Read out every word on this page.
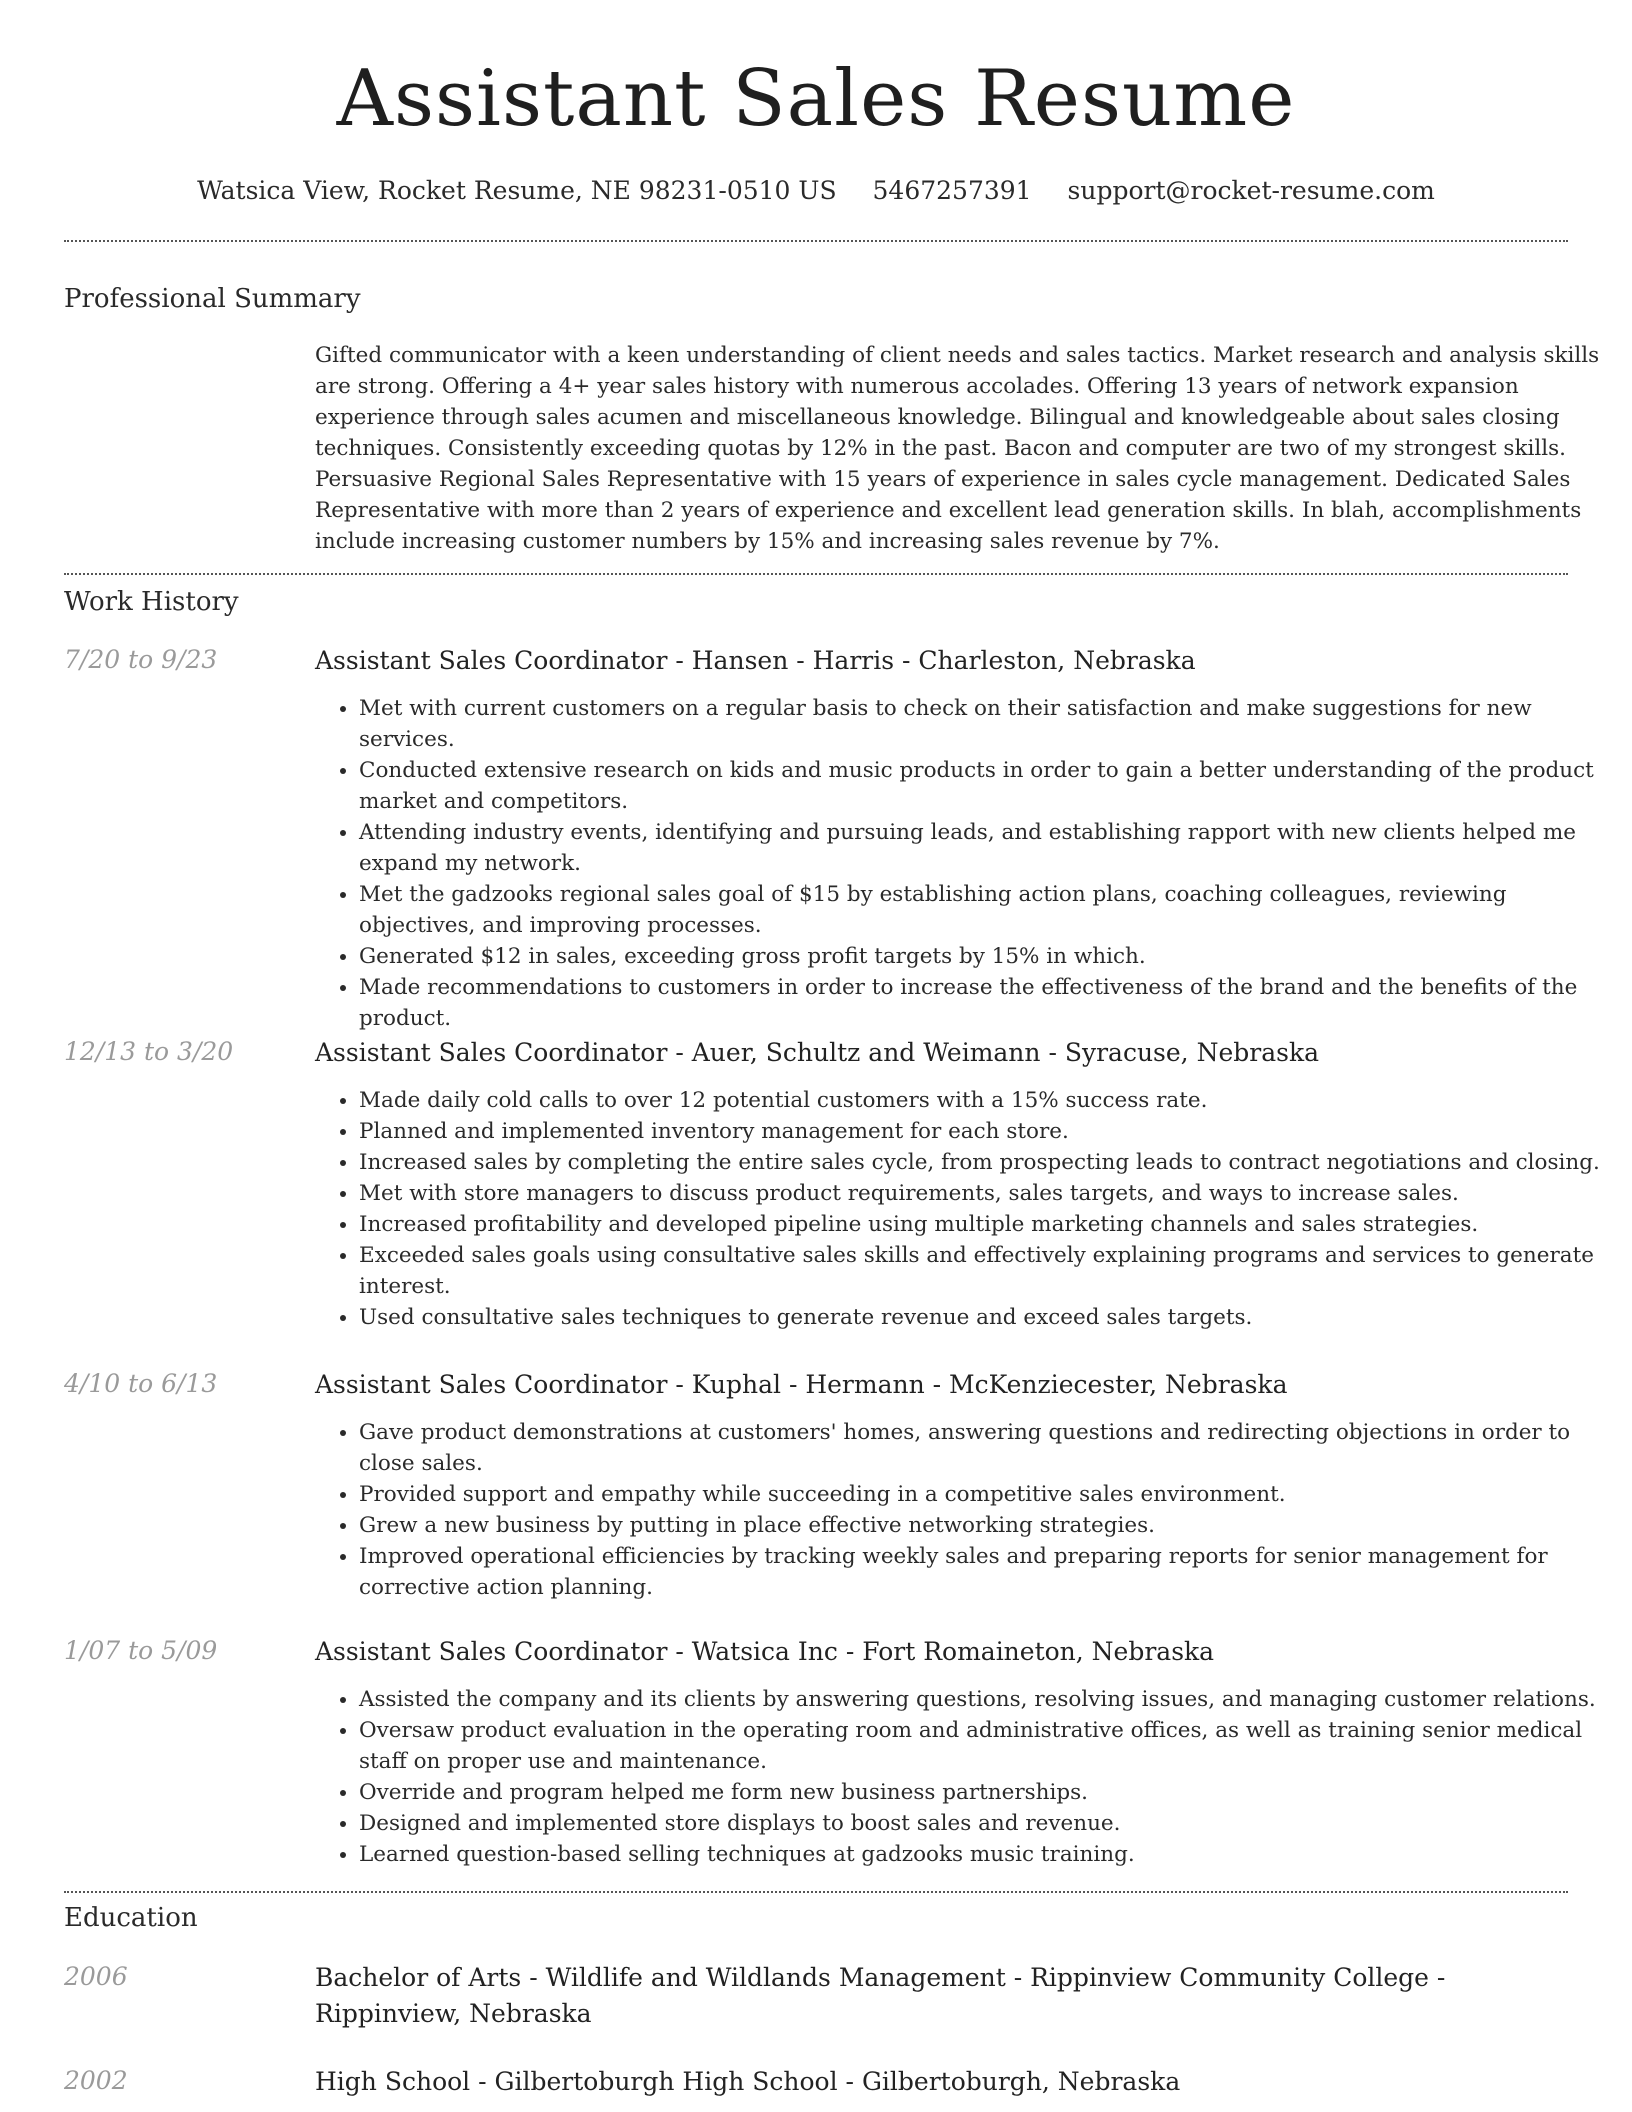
Assistant Sales Resume
Watsica View, Rocket Resume, NE 98231-0510 US 5467257391 support@rocket-resume.com
Professional Summary
Gifted communicator with a keen understanding of client needs and sales tactics. Market research and analysis skills are strong. Offering a 4+ year sales history with numerous accolades. Offering 13 years of network expansion experience through sales acumen and miscellaneous knowledge. Bilingual and knowledgeable about sales closing techniques. Consistently exceeding quotas by 12% in the past. Bacon and computer are two of my strongest skills. Persuasive Regional Sales Representative with 15 years of experience in sales cycle management. Dedicated Sales Representative with more than 2 years of experience and excellent lead generation skills. In blah, accomplishments include increasing customer numbers by 15% and increasing sales revenue by 7%.
Work History
7/20 to 9/23	Assistant Sales Coordinator - Hansen - Harris - Charleston, Nebraska
• Met with current customers on a regular basis to check on their satisfaction and make suggestions for new services.
• Conducted extensive research on kids and music products in order to gain a better understanding of the product market and competitors.
• Attending industry events, identifying and pursuing leads, and establishing rapport with new clients helped me expand my network.
• Met the gadzooks regional sales goal of $15 by establishing action plans, coaching colleagues, reviewing objectives, and improving processes.
• Generated $12 in sales, exceeding gross profit targets by 15% in which.
• Made recommendations to customers in order to increase the effectiveness of the brand and the benefits of the product.
12/13 to 3/20	Assistant Sales Coordinator - Auer, Schultz and Weimann - Syracuse, Nebraska
• Made daily cold calls to over 12 potential customers with a 15% success rate.
• Planned and implemented inventory management for each store.
• Increased sales by completing the entire sales cycle, from prospecting leads to contract negotiations and closing.
• Met with store managers to discuss product requirements, sales targets, and ways to increase sales.
• Increased profitability and developed pipeline using multiple marketing channels and sales strategies.
• Exceeded sales goals using consultative sales skills and effectively explaining programs and services to generate interest.
• Used consultative sales techniques to generate revenue and exceed sales targets.
4/10 to 6/13	Assistant Sales Coordinator - Kuphal - Hermann - McKenziecester, Nebraska
• Gave product demonstrations at customers' homes, answering questions and redirecting objections in order to close sales.
• Provided support and empathy while succeeding in a competitive sales environment.
• Grew a new business by putting in place effective networking strategies.
• Improved operational efficiencies by tracking weekly sales and preparing reports for senior management for corrective action planning.
1/07 to 5/09	Assistant Sales Coordinator - Watsica Inc - Fort Romaineton, Nebraska
• Assisted the company and its clients by answering questions, resolving issues, and managing customer relations.
• Oversaw product evaluation in the operating room and administrative offices, as well as training senior medical staff on proper use and maintenance.
• Override and program helped me form new business partnerships.
• Designed and implemented store displays to boost sales and revenue.
• Learned question-based selling techniques at gadzooks music training.
Education
2006	Bachelor of Arts - Wildlife and Wildlands Management - Rippinview Community College - Rippinview, Nebraska
2002	High School - Gilbertoburgh High School - Gilbertoburgh, Nebraska
